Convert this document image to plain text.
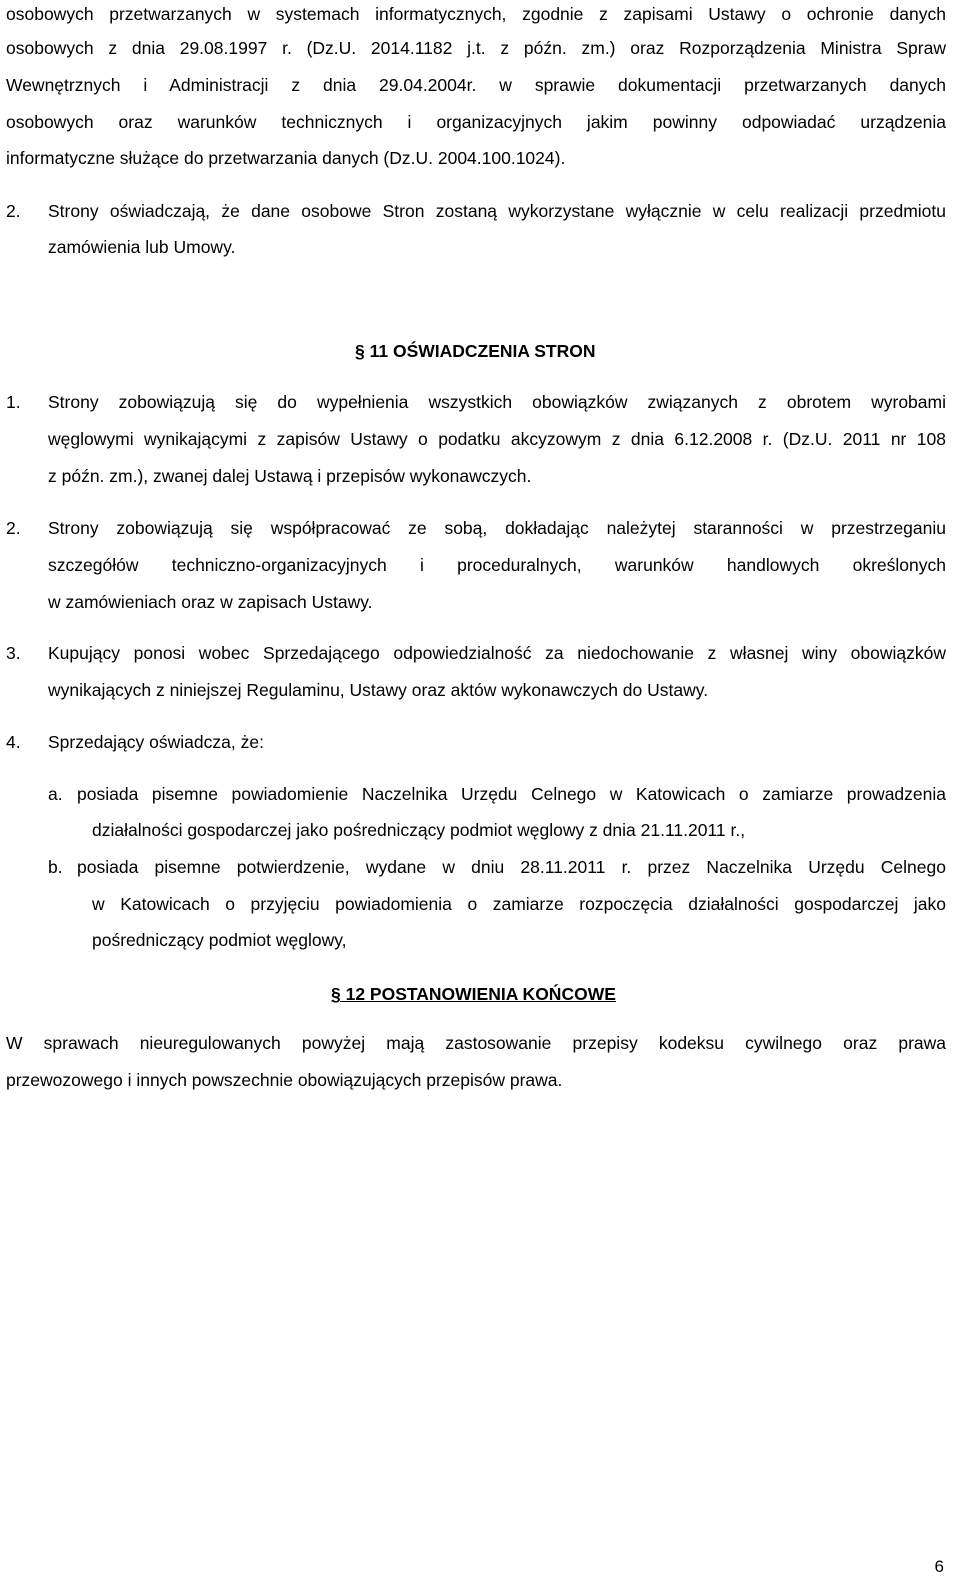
osobowych przetwarzanych w systemach informatycznych, zgodnie z zapisami Ustawy o ochronie danych
osobowych z dnia 29.08.1997 r. (Dz.U. 2014.1182 j.t. z późn. zm.) oraz Rozporządzenia Ministra Spraw
Wewnętrznych i Administracji z dnia 29.04.2004r. w sprawie dokumentacji przetwarzanych danych
osobowych oraz warunków technicznych i organizacyjnych jakim powinny odpowiadać urządzenia
informatyczne służące do przetwarzania danych (Dz.U. 2004.100.1024).
2. Strony oświadczają, że dane osobowe Stron zostaną wykorzystane wyłącznie w celu realizacji przedmiotu
zamówienia lub Umowy.
§ 11 OŚWIADCZENIA STRON
1. Strony zobowiązują się do wypełnienia wszystkich obowiązków związanych z obrotem wyrobami
węglowymi wynikającymi z zapisów Ustawy o podatku akcyzowym z dnia 6.12.2008 r. (Dz.U. 2011 nr 108
z późn. zm.), zwanej dalej Ustawą i przepisów wykonawczych.
2. Strony zobowiązują się współpracować ze sobą, dokładając należytej staranności w przestrzeganiu
szczegółów techniczno-organizacyjnych i proceduralnych, warunków handlowych określonych
w zamówieniach oraz w zapisach Ustawy.
3. Kupujący ponosi wobec Sprzedającego odpowiedzialność za niedochowanie z własnej winy obowiązków
wynikających z niniejszej Regulaminu, Ustawy oraz aktów wykonawczych do Ustawy.
4. Sprzedający oświadcza, że:
a. posiada pisemne powiadomienie Naczelnika Urzędu Celnego w Katowicach o zamiarze prowadzenia
działalności gospodarczej jako pośredniczący podmiot węglowy z dnia 21.11.2011 r.,
b. posiada pisemne potwierdzenie, wydane w dniu 28.11.2011 r. przez Naczelnika Urzędu Celnego
w Katowicach o przyjęciu powiadomienia o zamiarze rozpoczęcia działalności gospodarczej jako
pośredniczący podmiot węglowy,
§ 12 POSTANOWIENIA KOŃCOWE
W sprawach nieuregulowanych powyżej mają zastosowanie przepisy kodeksu cywilnego oraz prawa
przewozowego i innych powszechnie obowiązujących przepisów prawa.
6
